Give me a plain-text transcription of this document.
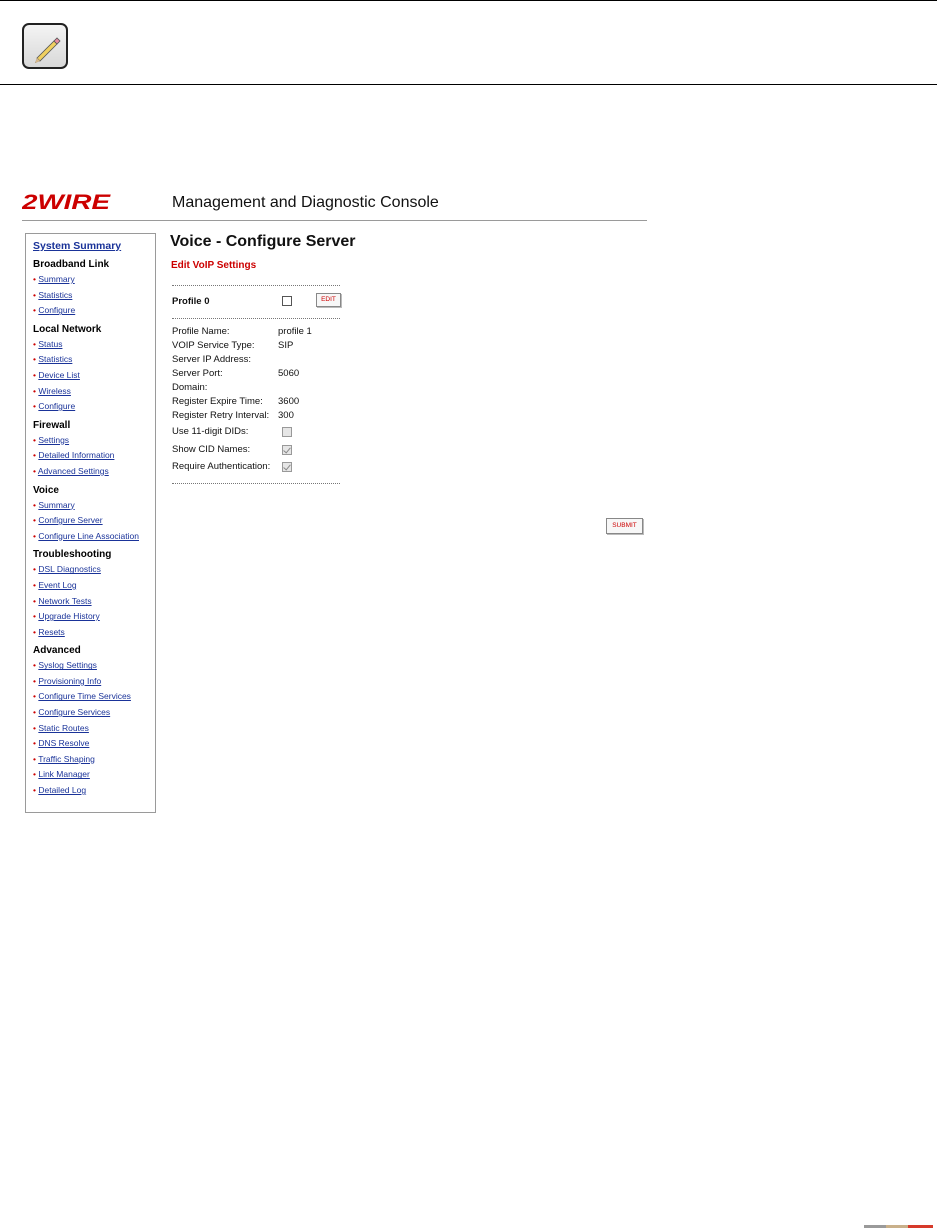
2WIRE	Management and Diagnostic Console
System Summary
Broadband Link
• Summary
• Statistics
• Configure
Local Network
• Status
• Statistics
• Device List
• Wireless
• Configure
Firewall
• Settings
• Detailed Information
• Advanced Settings
Voice
• Summary
• Configure Server
• Configure Line Association
Troubleshooting
• DSL Diagnostics
• Event Log
• Network Tests
• Upgrade History
• Resets
Advanced
• Syslog Settings
• Provisioning Info
• Configure Time Services
• Configure Services
• Static Routes
• DNS Resolve
• Traffic Shaping
• Link Manager
• Detailed Log
Voice - Configure Server
Edit VoIP Settings
Profile 0	EDIT
Profile Name:	profile 1
VOIP Service Type: SIP
Server IP Address:
Server Port:	5060
Domain:
Register Expire Time: 3600
Register Retry Interval: 300
Use 11-digit DIDs:
Show CID Names:
Require Authentication:
SUBMIT
